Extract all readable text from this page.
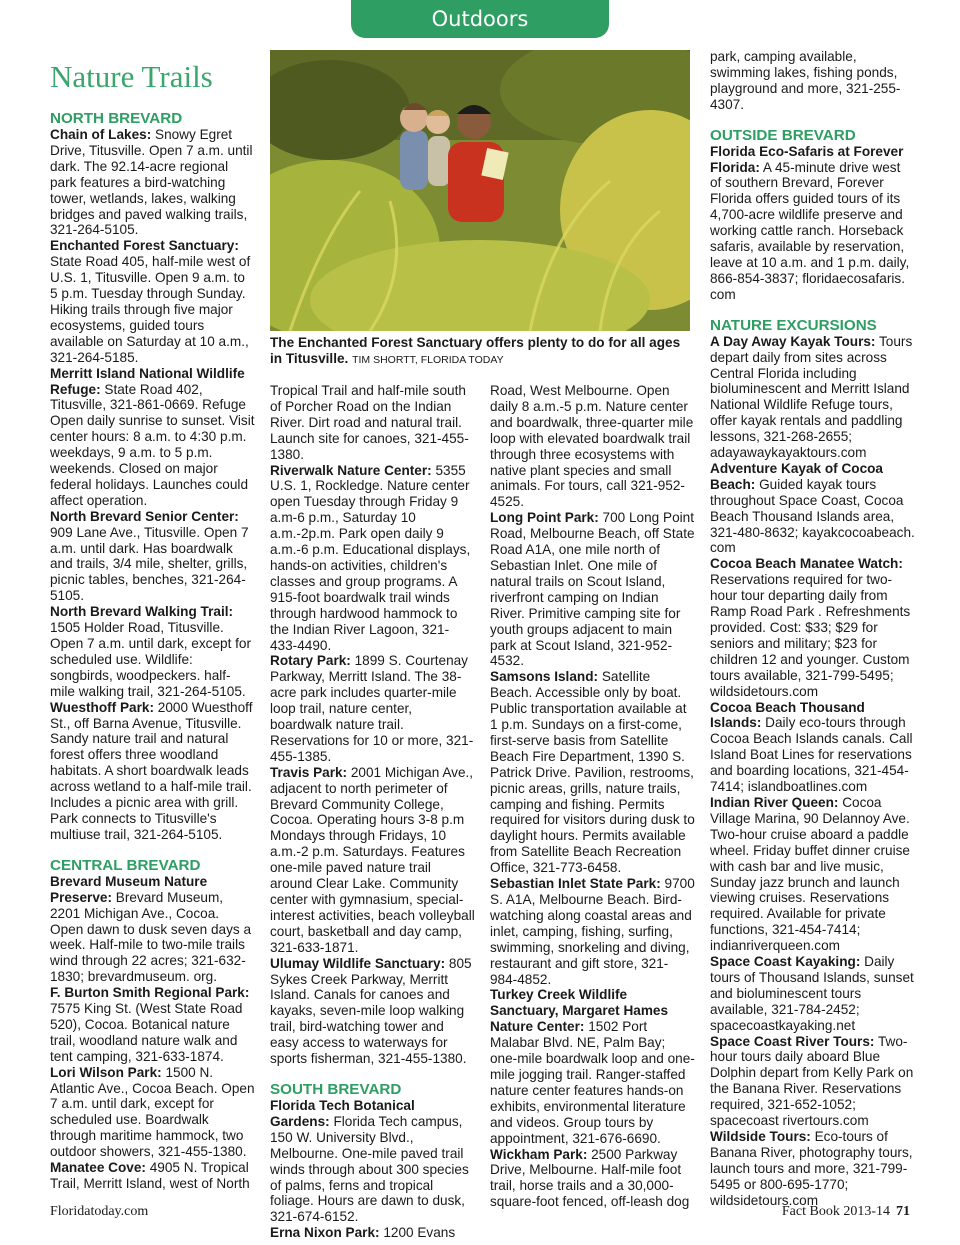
Outdoors
Nature Trails
NORTH BREVARD

Chain of Lakes: Snowy Egret Drive, Titusville. Open 7 a.m. until dark. The 92.14-acre regional park features a bird-watching tower, wetlands, lakes, walking bridges and paved walking trails, 321-264-5105.

Enchanted Forest Sanctuary: State Road 405, half-mile west of U.S. 1, Titusville. Open 9 a.m. to 5 p.m. Tuesday through Sunday. Hiking trails through five major ecosystems, guided tours available on Saturday at 10 a.m., 321-264-5185.

Merritt Island National Wildlife Refuge: State Road 402, Titusville, 321-861-0669. Refuge Open daily sunrise to sunset. Visit center hours: 8 a.m. to 4:30 p.m. weekdays, 9 a.m. to 5 p.m. weekends. Closed on major federal holidays. Launches could affect operation.

North Brevard Senior Center: 909 Lane Ave., Titusville. Open 7 a.m. until dark. Has boardwalk and trails, 3/4 mile, shelter, grills, picnic tables, benches, 321-264-5105.

North Brevard Walking Trail: 1505 Holder Road, Titusville. Open 7 a.m. until dark, except for scheduled use. Wildlife: songbirds, woodpeckers. half-mile walking trail, 321-264-5105.

Wuesthoff Park: 2000 Wuesthoff St., off Barna Avenue, Titusville. Sandy nature trail and natural forest offers three woodland habitats. A short boardwalk leads across wetland to a half-mile trail. Includes a picnic area with grill. Park connects to Titusville's multiuse trail, 321-264-5105.

CENTRAL BREVARD

Brevard Museum Nature Preserve: Brevard Museum, 2201 Michigan Ave., Cocoa. Open dawn to dusk seven days a week. Half-mile to two-mile trails wind through 22 acres; 321-632-1830; brevardmuseum. org.

F. Burton Smith Regional Park: 7575 King St. (West State Road 520), Cocoa. Botanical nature trail, woodland nature walk and tent camping, 321-633-1874.

Lori Wilson Park: 1500 N. Atlantic Ave., Cocoa Beach. Open 7 a.m. until dark, except for scheduled use. Boardwalk through maritime hammock, two outdoor showers, 321-455-1380.

Manatee Cove: 4905 N. Tropical Trail, Merritt Island, west of North

The Enchanted Forest Sanctuary offers plenty to do for all ages in Titusville. TIM SHORTT, FLORIDA TODAY

Tropical Trail and half-mile south of Porcher Road on the Indian River. Dirt road and natural trail. Launch site for canoes, 321-455-1380.

Riverwalk Nature Center: 5355 U.S. 1, Rockledge. Nature center open Tuesday through Friday 9 a.m-6 p.m., Saturday 10 a.m.-2p.m. Park open daily 9 a.m.-6 p.m. Educational displays, hands-on activities, children's classes and group programs. A 915-foot boardwalk trail winds through hardwood hammock to the Indian River Lagoon, 321-433-4490.

Rotary Park: 1899 S. Courtenay Parkway, Merritt Island. The 38-acre park includes quarter-mile loop trail, nature center, boardwalk nature trail. Reservations for 10 or more, 321-455-1385.

Travis Park: 2001 Michigan Ave., adjacent to north perimeter of Brevard Community College, Cocoa. Operating hours 3-8 p.m Mondays through Fridays, 10 a.m.-2 p.m. Saturdays. Features one-mile paved nature trail around Clear Lake. Community center with gymnasium, special-interest activities, beach volleyball court, basketball and day camp, 321-633-1871.

Ulumay Wildlife Sanctuary: 805 Sykes Creek Parkway, Merritt Island. Canals for canoes and kayaks, seven-mile loop walking trail, bird-watching tower and easy access to waterways for sports fisherman, 321-455-1380.

SOUTH BREVARD

Florida Tech Botanical Gardens: Florida Tech campus, 150 W. University Blvd., Melbourne. One-mile paved trail winds through about 300 species of palms, ferns and tropical foliage. Hours are dawn to dusk, 321-674-6152.

Erna Nixon Park: 1200 Evans

Road, West Melbourne. Open daily 8 a.m.-5 p.m. Nature center and boardwalk, three-quarter mile loop with elevated boardwalk trail through three ecosystems with native plant species and small animals. For tours, call 321-952-4525.

Long Point Park: 700 Long Point Road, Melbourne Beach, off State Road A1A, one mile north of Sebastian Inlet. One mile of natural trails on Scout Island, riverfront camping on Indian River. Primitive camping site for youth groups adjacent to main park at Scout Island, 321-952-4532.

Samsons Island: Satellite Beach. Accessible only by boat. Public transportation available at 1 p.m. Sundays on a first-come, first-serve basis from Satellite Beach Fire Department, 1390 S. Patrick Drive. Pavilion, restrooms, picnic areas, grills, nature trails, camping and fishing. Permits required for visitors during dusk to daylight hours. Permits available from Satellite Beach Recreation Office, 321-773-6458.

Sebastian Inlet State Park: 9700 S. A1A, Melbourne Beach. Bird-watching along coastal areas and inlet, camping, fishing, surfing, swimming, snorkeling and diving, restaurant and gift store, 321-984-4852.

Turkey Creek Wildlife Sanctuary, Margaret Hames Nature Center: 1502 Port Malabar Blvd. NE, Palm Bay; one-mile boardwalk loop and one-mile jogging trail. Ranger-staffed nature center features hands-on exhibits, environmental literature and videos. Group tours by appointment, 321-676-6690.

Wickham Park: 2500 Parkway Drive, Melbourne. Half-mile foot trail, horse trails and a 30,000-square-foot fenced, off-leash dog

park, camping available, swimming lakes, fishing ponds, playground and more, 321-255-4307.

OUTSIDE BREVARD

Florida Eco-Safaris at Forever Florida: A 45-minute drive west of southern Brevard, Forever Florida offers guided tours of its 4,700-acre wildlife preserve and working cattle ranch. Horseback safaris, available by reservation, leave at 10 a.m. and 1 p.m. daily, 866-854-3837; floridaecosafaris. com

NATURE EXCURSIONS

A Day Away Kayak Tours: Tours depart daily from sites across Central Florida including bioluminescent and Merritt Island National Wildlife Refuge tours, offer kayak rentals and paddling lessons, 321-268-2655; adayawaykayaktours.com

Adventure Kayak of Cocoa Beach: Guided kayak tours throughout Space Coast, Cocoa Beach Thousand Islands area, 321-480-8632; kayakcocoabeach. com

Cocoa Beach Manatee Watch: Reservations required for two-hour tour departing daily from Ramp Road Park . Refreshments provided. Cost: $33; $29 for seniors and military; $23 for children 12 and younger. Custom tours available, 321-799-5495; wildsidetours.com

Cocoa Beach Thousand Islands: Daily eco-tours through Cocoa Beach Islands canals. Call Island Boat Lines for reservations and boarding locations, 321-454-7414; islandboatlines.com

Indian River Queen: Cocoa Village Marina, 90 Delannoy Ave. Two-hour cruise aboard a paddle wheel. Friday buffet dinner cruise with cash bar and live music, Sunday jazz brunch and launch viewing cruises. Reservations required. Available for private functions, 321-454-7414; indianriverqueen.com

Space Coast Kayaking: Daily tours of Thousand Islands, sunset and bioluminescent tours available, 321-784-2452; spacecoastkayaking.net

Space Coast River Tours: Two-hour tours daily aboard Blue Dolphin depart from Kelly Park on the Banana River. Reservations required, 321-652-1052; spacecoast rivertours.com

Wildside Tours: Eco-tours of Banana River, photography tours, launch tours and more, 321-799-5495 or 800-695-1770; wildsidetours.com

Floridatoday.com	Fact Book 2013-14 71
